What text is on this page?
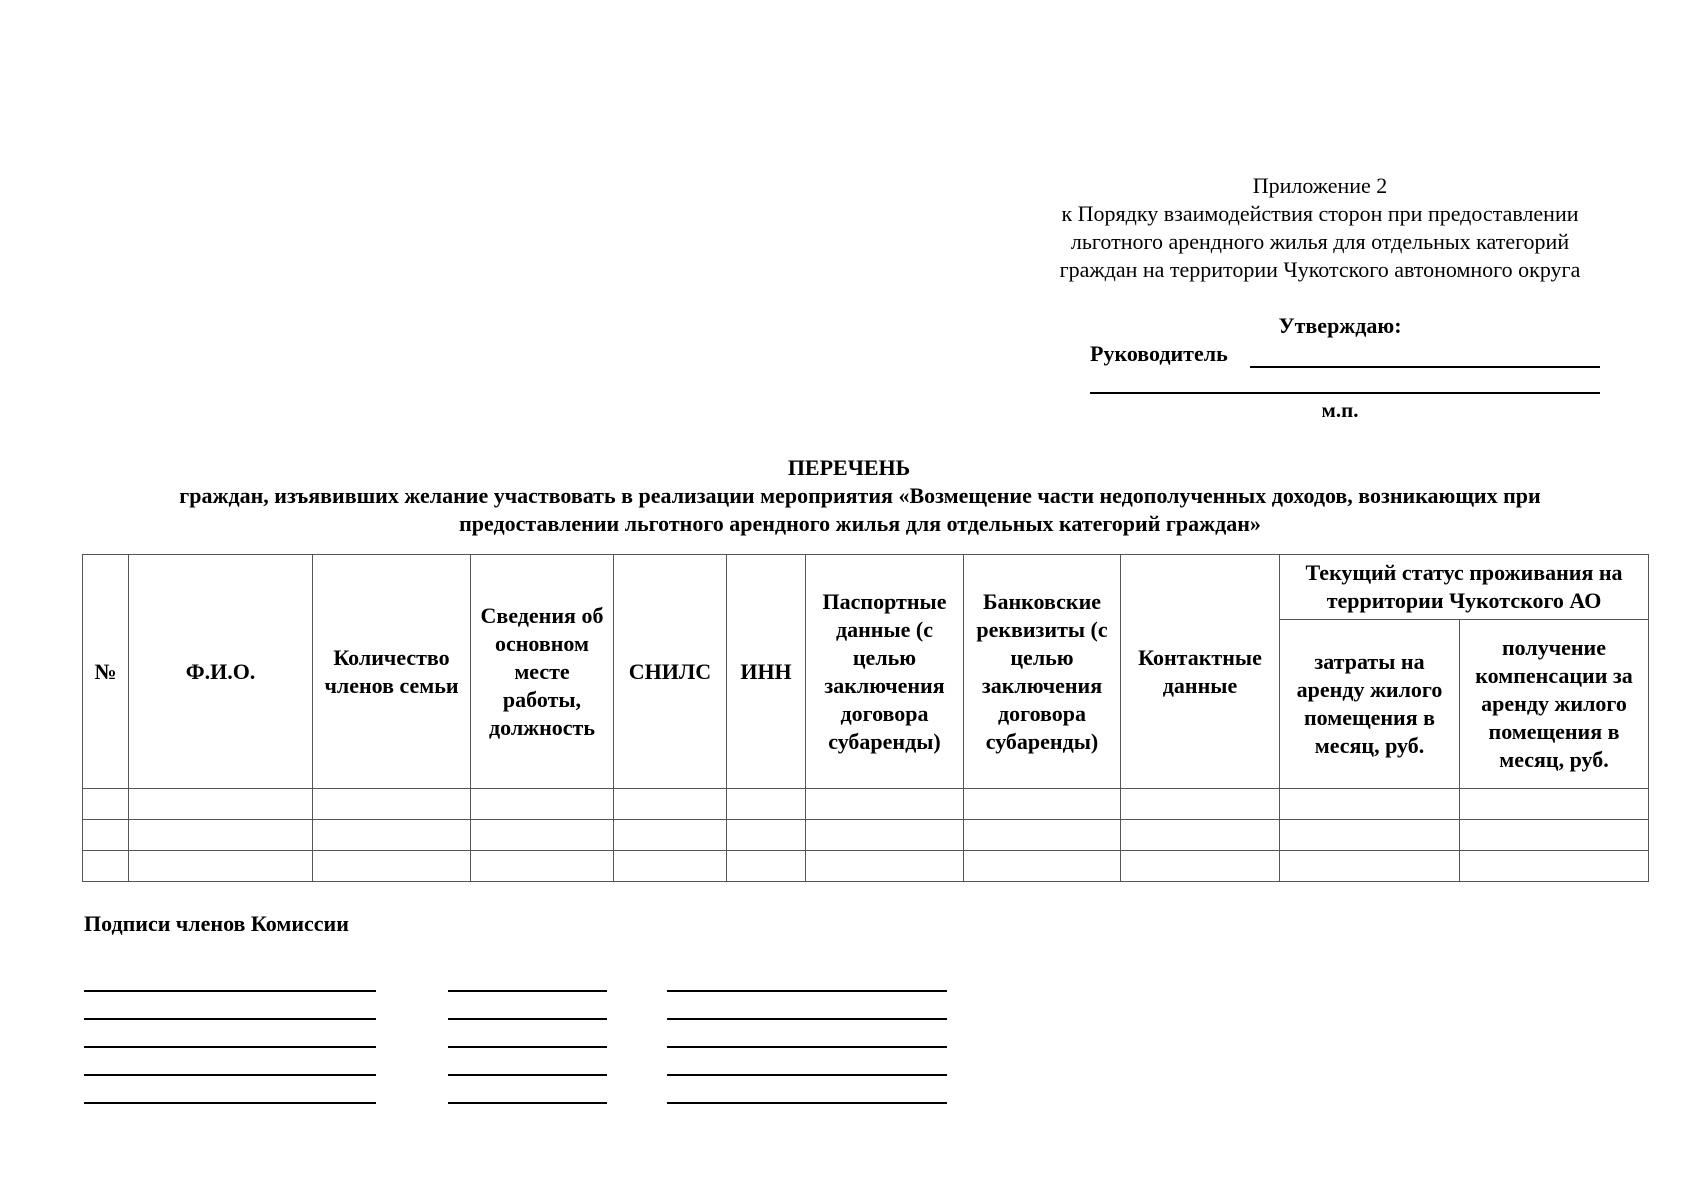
Приложение 2
к Порядку взаимодействия сторон при предоставлении
льготного арендного жилья для отдельных категорий
граждан на территории Чукотского автономного округа
Утверждаю:
Руководитель
м.п.
ПЕРЕЧЕНЬ
граждан, изъявивших желание участвовать в реализации мероприятия «Возмещение части недополученных доходов, возникающих при
предоставлении льготного арендного жилья для отдельных категорий граждан»
№	Ф.И.О.	Количество членов семьи	Сведения об основном месте работы, должность	СНИЛС	ИНН	Паспортные данные (с целью заключения договора субаренды)	Банковские реквизиты (с целью заключения договора субаренды)	Контактные данные	Текущий статус проживания на территории Чукотского АО	
									затраты на аренду жилого помещения в месяц, руб.	получение компенсации за аренду жилого помещения в месяц, руб.

Подписи членов Комиссии
